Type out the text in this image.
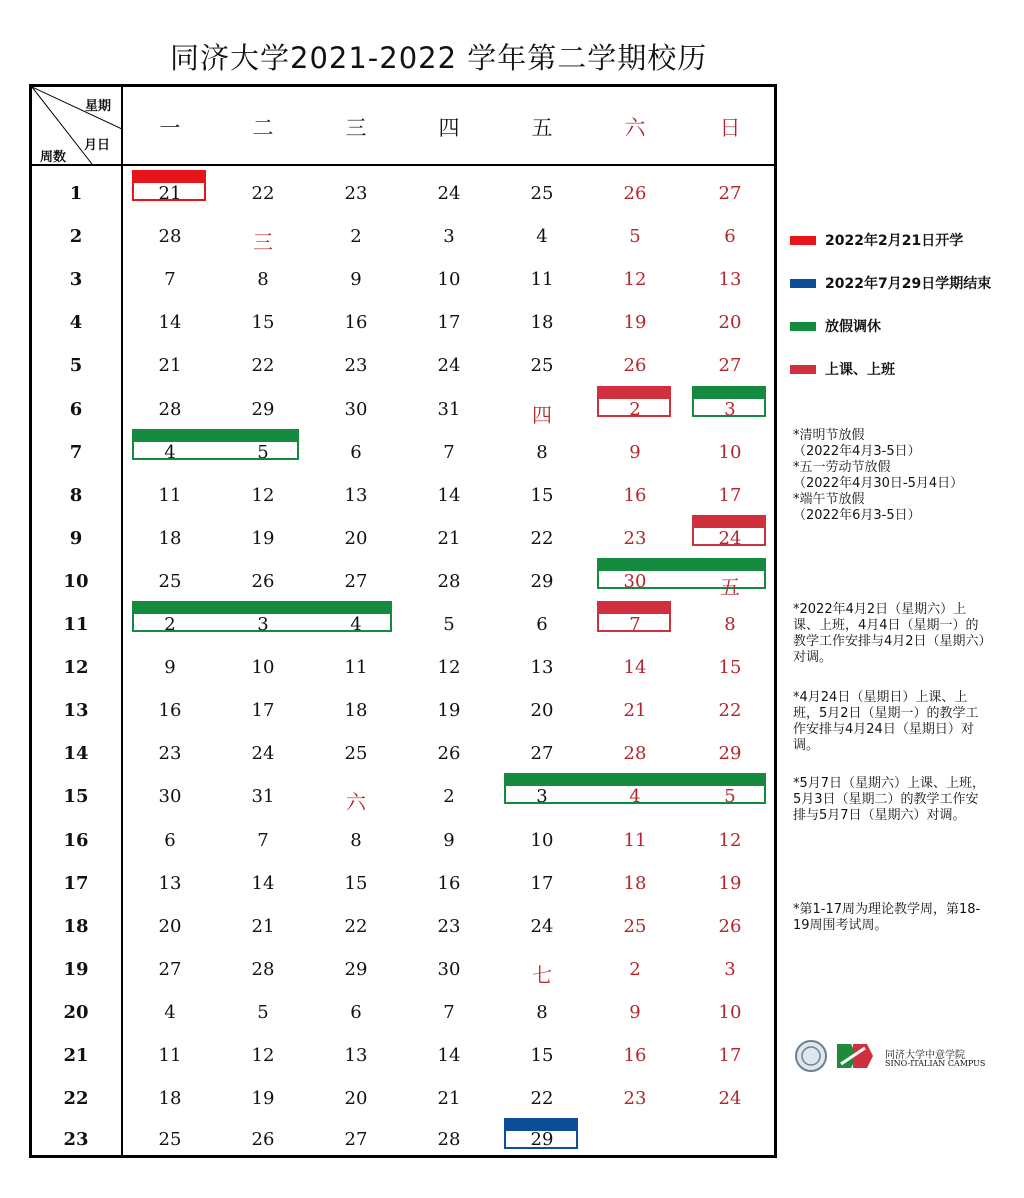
同济大学2021-2022 学年第二学期校历
星期
月日
周数
一	二	三	四	五	六	日
1	21	22	23	24	25	26	27
2	28	三	2	3	4	5	6
3	7	8	9	10	11	12	13
4	14	15	16	17	18	19	20
5	21	22	23	24	25	26	27
6	28	29	30	31	四	2	3
7	4	5	6	7	8	9	10
8	11	12	13	14	15	16	17
9	18	19	20	21	22	23	24
10	25	26	27	28	29	30	五
11	2	3	4	5	6	7	8
12	9	10	11	12	13	14	15
13	16	17	18	19	20	21	22
14	23	24	25	26	27	28	29
15	30	31	六	2	3	4	5
16	6	7	8	9	10	11	12
17	13	14	15	16	17	18	19
18	20	21	22	23	24	25	26
19	27	28	29	30	七	2	3
20	4	5	6	7	8	9	10
21	11	12	13	14	15	16	17
22	18	19	20	21	22	23	24
23	25	26	27	28	29
2022年2月21日开学
2022年7月29日学期结束
放假调休
上课、上班
*清明节放假
（2022年4月3-5日）
*五一劳动节放假
（2022年4月30日-5月4日）
*端午节放假
（2022年6月3-5日）
*2022年4月2日（星期六）上课、上班，4月4日（星期一）的教学工作安排与4月2日（星期六）对调。
*4月24日（星期日）上课、上班，5月2日（星期一）的教学工作安排与4月24日（星期日）对调。
*5月7日（星期六）上课、上班，5月3日（星期二）的教学工作安排与5月7日（星期六）对调。
*第1-17周为理论教学周，第18-19周围考试周。
同济大学中意学院
SINO-ITALIAN CAMPUS
